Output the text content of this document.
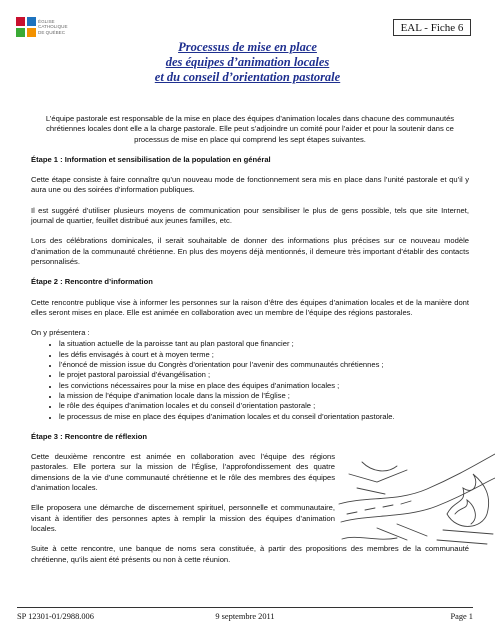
ÉGLISE
CATHOLIQUE
DE QUÉBEC	EAL - Fiche 6
Processus de mise en place
des équipes d’animation locales
et du conseil d’orientation pastorale

L’équipe pastorale est responsable de la mise en place des équipes d’animation locales dans chacune des communautés chrétiennes locales dont elle a la charge pastorale. Elle peut s’adjoindre un comité pour l’aider et pour la soutenir dans ce processus de mise en place qui comprend les sept étapes suivantes.

Étape 1 : Information et sensibilisation de la population en général

Cette étape consiste à faire connaître qu’un nouveau mode de fonctionnement sera mis en place dans l’unité pastorale et qu’il y aura une ou des soirées d’information publiques.

Il est suggéré d’utiliser plusieurs moyens de communication pour sensibiliser le plus de gens possible, tels que site Internet, journal de quartier, feuillet distribué aux jeunes familles, etc.

Lors des célébrations dominicales, il serait souhaitable de donner des informations plus précises sur ce nouveau modèle d’animation de la communauté chrétienne. En plus des moyens déjà mentionnés, il demeure très important d’établir des contacts personnalisés.

Étape 2 : Rencontre d’information

Cette rencontre publique vise à informer les personnes sur la raison d’être des équipes d’animation locales et de la manière dont elles seront mises en place. Elle est animée en collaboration avec un membre de l’équipe des régions pastorales.

On y présentera :

• la situation actuelle de la paroisse tant au plan pastoral que financier ;
• les défis envisagés à court et à moyen terme ;
• l’énoncé de mission issue du Congrès d’orientation pour l’avenir des communautés chrétiennes ;
• le projet pastoral paroissial d’évangélisation ;
• les convictions nécessaires pour la mise en place des équipes d’animation locales ;
• la mission de l’équipe d’animation locale dans la mission de l’Église ;
• le rôle des équipes d’animation locales et du conseil d’orientation pastorale ;
• le processus de mise en place des équipes d’animation locales et du conseil d’orientation pastorale.
Étape 3 : Rencontre de réflexion

Cette deuxième rencontre est animée en collaboration avec l’équipe des régions pastorales. Elle portera sur la mission de l’Église, l’approfondissement des quatre dimensions de la vie d’une communauté chrétienne et le rôle des membres des équipes d’animation locales.

Elle proposera une démarche de discernement spirituel, personnelle et communautaire, visant à identifier des personnes aptes à remplir la mission des équipes d’animation locales.

Suite à cette rencontre, une banque de noms sera constituée, à partir des propositions des membres de la communauté chrétienne, qu’ils aient été présents ou non à cette réunion.

SP 12301-01/2988.006	9 septembre 2011	Page 1
